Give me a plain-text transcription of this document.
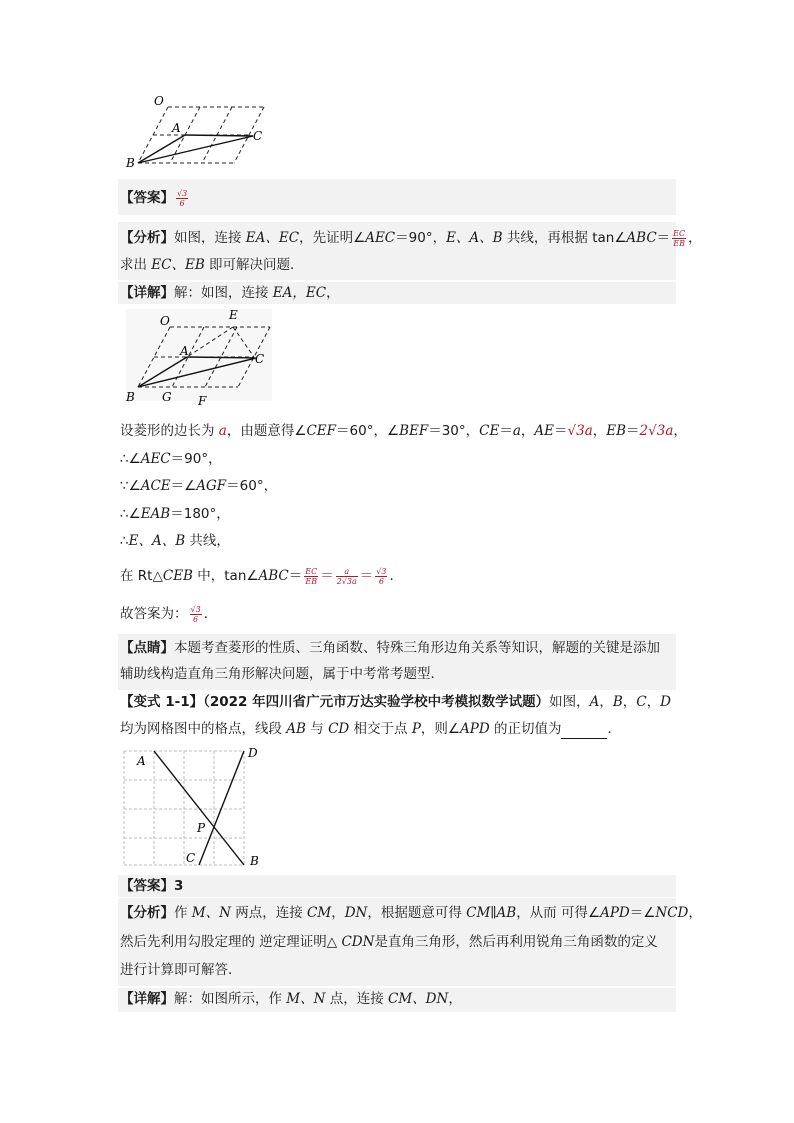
O
A
C
B
【答案】 $\frac{√3}{6}$
【分析】如图，连接 EA、EC，先证明∠AEC＝90°，E、A、B 共线，再根据 tan∠ABC＝ $\frac{EC}{EB}$ ，
求出 EC、EB 即可解决问题．
【详解】解：如图，连接 EA，EC，
O	E
A
C
B G F
设菱形的边长为 a，由题意得∠CEF＝60°，∠BEF＝30°，CE＝a，AE＝√3a，EB＝2√3a，
∴∠AEC＝90°，
∵∠ACE＝∠AGF＝60°，
∴∠EAB＝180°，
∴E、A、B 共线，
在 Rt△CEB 中，tan∠ABC＝ $\frac{EC}{EB} = \frac{a}{2√3a} = \frac{√3}{6}$ ．
故答案为： $\frac{√3}{6}$ ．
【点睛】本题考查菱形的性质、三角函数、特殊三角形边角关系等知识，解题的关键是添加
辅助线构造直角三角形解决问题，属于中考常考题型．
【变式 1-1】（2022 年四川省广元市万达实验学校中考模拟数学试题）如图，A，B，C，D
均为网格图中的格点，线段 AB 与 CD 相交于点 P，则∠APD 的正切值为	．
A
D
P
C	B
【答案】3
【分析】作 M、N 两点，连接 CM，DN，根据题意可得 CM∥AB，从而 可得∠APD＝∠NCD，
然后先利用勾股定理的 逆定理证明△ CDN是直角三角形，然后再利用锐角三角函数的定义
进行计算即可解答．
【详解】解：如图所示，作 M、N 点，连接 CM、DN，
